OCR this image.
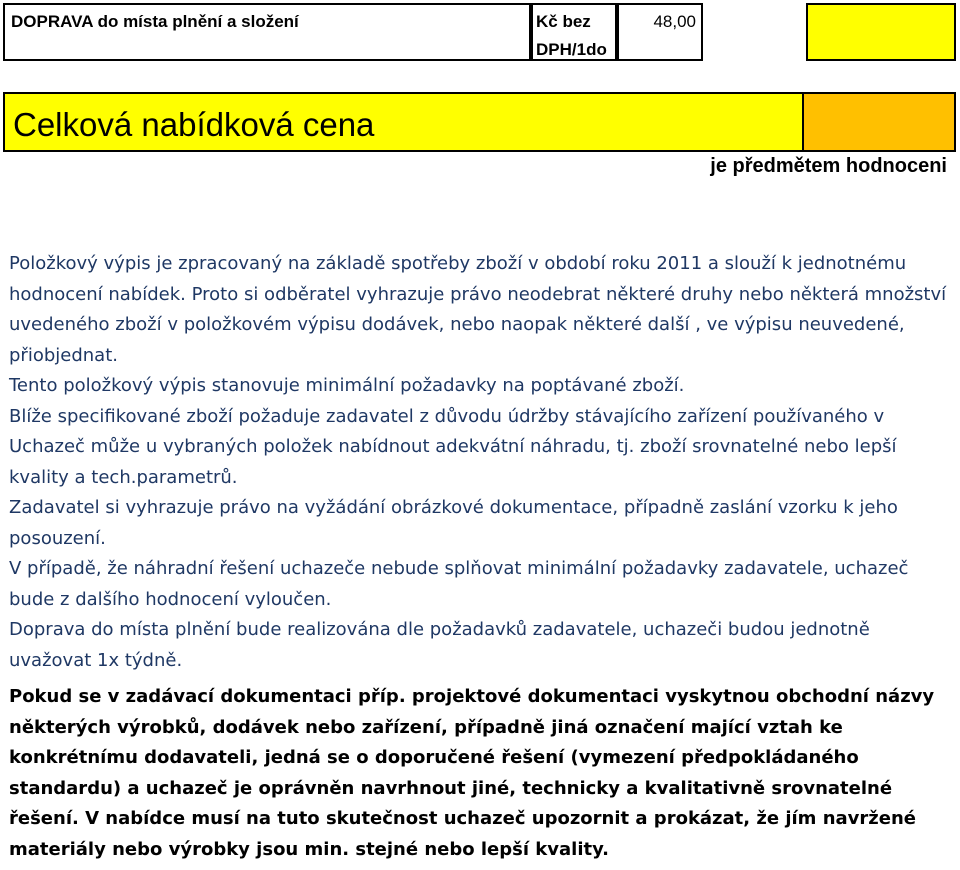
DOPRAVA do místa plnění a složení	Kč bez DPH/1do
48,00
Celková nabídková cena
je předmětem hodnoceni

Položkový výpis je zpracovaný na základě spotřeby zboží v období roku 2011 a slouží k jednotnému hodnocení nabídek. Proto si odběratel vyhrazuje právo neodebrat některé druhy nebo některá množství uvedeného zboží v položkovém výpisu dodávek, nebo naopak některé další , ve výpisu neuvedené, přiobjednat.

Tento položkový výpis stanovuje minimální požadavky na poptávané zboží.

Blíže specifikované zboží požaduje zadavatel z důvodu údržby stávajícího zařízení používaného v Uchazeč může u vybraných položek nabídnout adekvátní náhradu, tj. zboží srovnatelné nebo lepší kvality a tech.parametrů.

Zadavatel si vyhrazuje právo na vyžádání obrázkové dokumentace, případně zaslání vzorku k jeho posouzení.

V případě, že náhradní řešení uchazeče nebude splňovat minimální požadavky zadavatele, uchazeč bude z dalšího hodnocení vyloučen.

Doprava do místa plnění bude realizována dle požadavků zadavatele, uchazeči budou jednotně uvažovat 1x týdně.

Pokud se v zadávací dokumentaci příp. projektové dokumentaci vyskytnou obchodní názvy některých výrobků, dodávek nebo zařízení, případně jiná označení mající vztah ke konkrétnímu dodavateli, jedná se o doporučené řešení (vymezení předpokládaného standardu) a uchazeč je oprávněn navrhnout jiné, technicky a kvalitativně srovnatelné řešení. V nabídce musí na tuto skutečnost uchazeč upozornit a prokázat, že jím navržené materiály nebo výrobky jsou min. stejné nebo lepší kvality.
